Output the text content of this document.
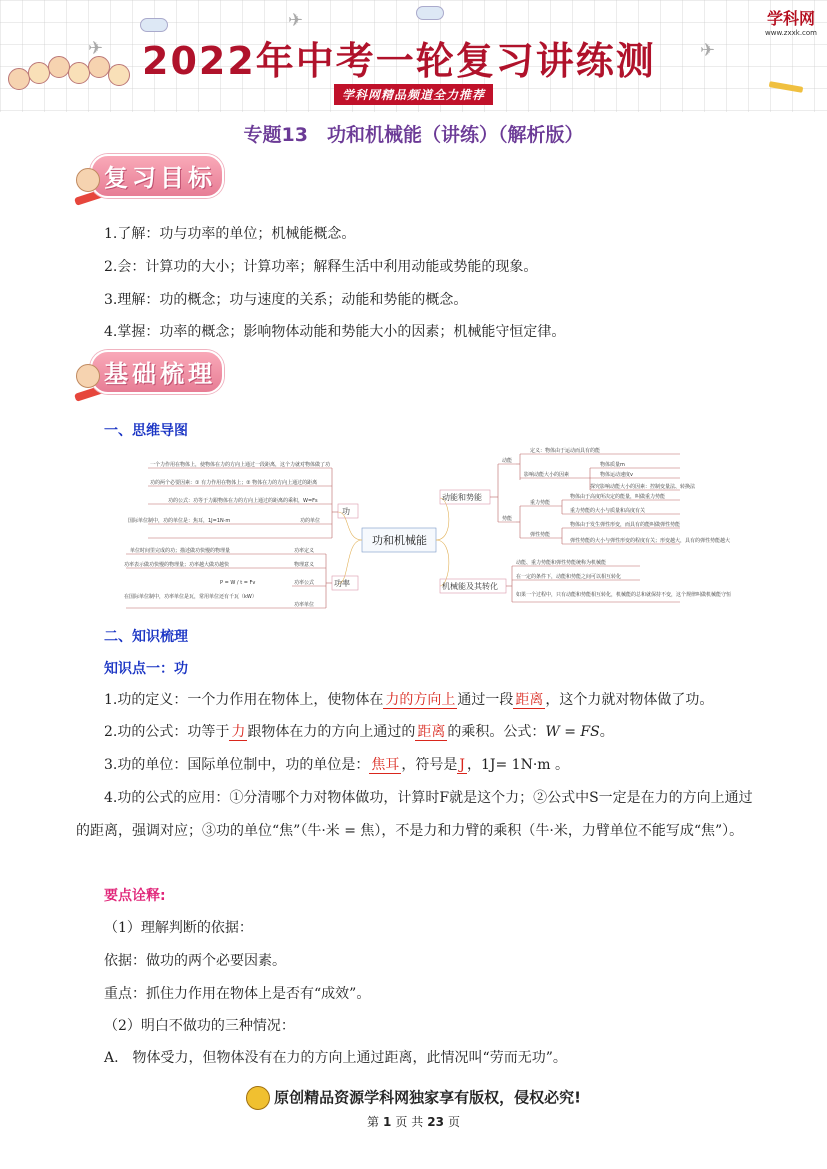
✈
✈
✈
2022年中考一轮复习讲练测
学科网精品频道全力推荐
学科网
www.zxxk.com
专题13　功和机械能（讲练）（解析版）
复习目标
1.了解：功与功率的单位；机械能概念。
2.会：计算功的大小；计算功率；解释生活中利用动能或势能的现象。
3.理解：功的概念；功与速度的关系；动能和势能的概念。
4.掌握：功率的概念；影响物体动能和势能大小的因素；机械能守恒定律。
基础梳理
一、思维导图
功和机械能
功
功率
动能和势能
机械能及其转化
一个力作用在物体上，使物体在力的方向上通过一段距离，这个力就对物体做了功
功的两个必要因素：① 有力作用在物体上；② 物体在力的方向上通过的距离
功的公式：功等于力跟物体在力的方向上通过的距离的乘积，W=Fs
国际单位制中，功的单位是：焦耳，1J=1N·m	功的单位
单位时间里完成的功；描述做功快慢的物理量	功率定义
功率表示做功快慢的物理量；功率越大做功越快	物理意义
P = W / t = Fv	功率公式
在国际单位制中，功率单位是瓦，常用单位还有千瓦（kW）
功率单位
动能
势能
定义：物体由于运动而具有的能
影响动能大小的因素
物体质量m
物体运动速度v
重力势能
弹性势能
探究影响动能大小的因素：控制变量法、转换法
物体由于高度所决定的能量，叫做重力势能
重力势能的大小与质量和高度有关
物体由于发生弹性形变，而具有的能叫做弹性势能
弹性势能的大小与弹性形变的程度有关；形变越大，具有的弹性势能越大
动能、重力势能和弹性势能统称为机械能
在一定的条件下，动能和势能之间可以相互转化
如果一个过程中，只有动能和势能相互转化，机械能的总和就保持不变，这个规律叫做机械能守恒
二、知识梳理
知识点一：功
1.功的定义：一个力作用在物体上，使物体在 力的方向上 通过一段 距离 ，这个力就对物体做了功。
2.功的公式：功等于 力 跟物体在力的方向上通过的 距离 的乘积。公式：W = FS。
3.功的单位：国际单位制中，功的单位是： 焦耳 ，符号是 J ，1J= 1N·m 。
4.功的公式的应用：①分清哪个力对物体做功，计算时F就是这个力；②公式中S一定是在力的方向上通过的距离，强调对应；③功的单位“焦”（牛·米 = 焦），不是力和力臂的乘积（牛·米，力臂单位不能写成“焦”）。
要点诠释:
（1）理解判断的依据：
依据：做功的两个必要因素。
重点：抓住力作用在物体上是否有“成效”。
（2）明白不做功的三种情况：
A.　物体受力，但物体没有在力的方向上通过距离，此情况叫“劳而无功”。
原创精品资源学科网独家享有版权，侵权必究!
第 1 页 共 23 页
